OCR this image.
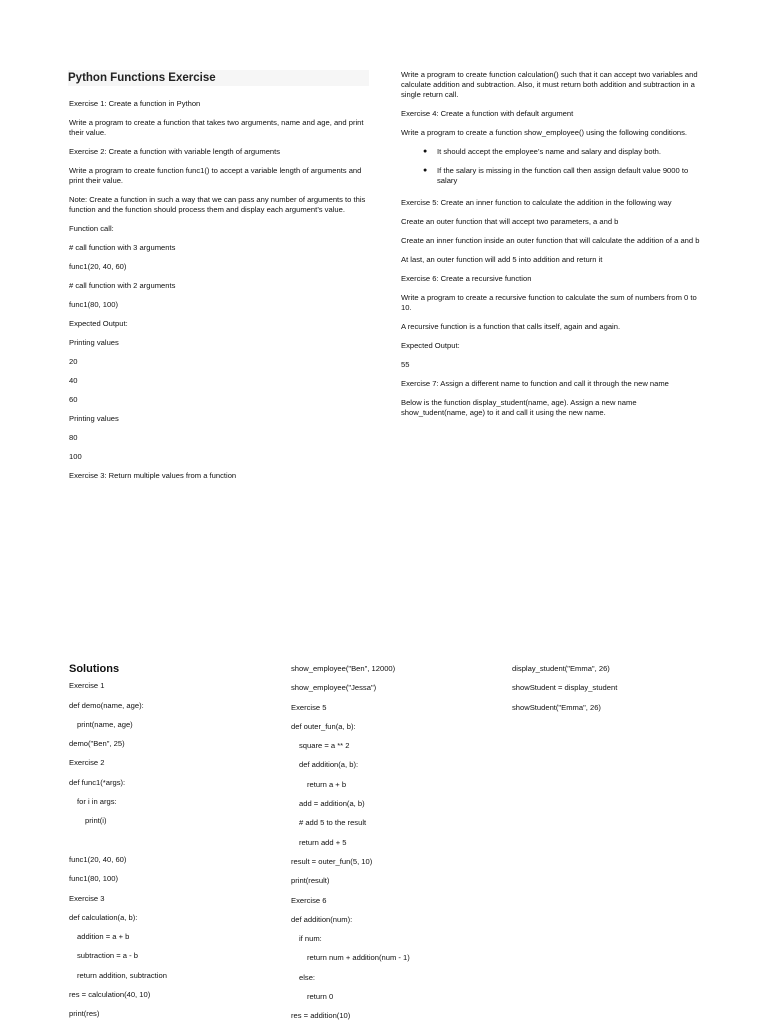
Python Functions Exercise

Exercise 1: Create a function in Python

Write a program to create a function that takes two arguments, name and age, and print their value.

Exercise 2: Create a function with variable length of arguments

Write a program to create function func1() to accept a variable length of arguments and print their value.

Note: Create a function in such a way that we can pass any number of arguments to this function and the function should process them and display each argument’s value.

Function call:

# call function with 3 arguments

func1(20, 40, 60)

# call function with 2 arguments

func1(80, 100)

Expected Output:

Printing values

20

40

60

Printing values

80

100

Exercise 3: Return multiple values from a function

Write a program to create function calculation() such that it can accept two variables and calculate addition and subtraction. Also, it must return both addition and subtraction in a single return call.

Exercise 4: Create a function with default argument

Write a program to create a function show_employee() using the following conditions.

● It should accept the employee’s name and salary and display both.
● If the salary is missing in the function call then assign default value 9000 to salary

Exercise 5: Create an inner function to calculate the addition in the following way

Create an outer function that will accept two parameters, a and b

Create an inner function inside an outer function that will calculate the addition of a and b

At last, an outer function will add 5 into addition and return it

Exercise 6: Create a recursive function

Write a program to create a recursive function to calculate the sum of numbers from 0 to 10.

A recursive function is a function that calls itself, again and again.

Expected Output:

55

Exercise 7: Assign a different name to function and call it through the new name

Below is the function display_student(name, age). Assign a new name show_tudent(name, age) to it and call it using the new name.

Solutions
Exercise 1
def demo(name, age):
print(name, age)
demo("Ben", 25)
Exercise 2
def func1(*args):
for i in args:
print(i)
func1(20, 40, 60)
func1(80, 100)
Exercise 3
def calculation(a, b):
addition = a + b
subtraction = a - b
return addition, subtraction
res = calculation(40, 10)
print(res)
show_employee("Ben", 12000)
show_employee("Jessa")
Exercise 5
def outer_fun(a, b):
square = a ** 2
def addition(a, b):
return a + b
add = addition(a, b)
# add 5 to the result
return add + 5
result = outer_fun(5, 10)
print(result)
Exercise 6
def addition(num):
if num:
return num + addition(num - 1)
else:
return 0
res = addition(10)
display_student("Emma", 26)
showStudent = display_student
showStudent("Emma", 26)
